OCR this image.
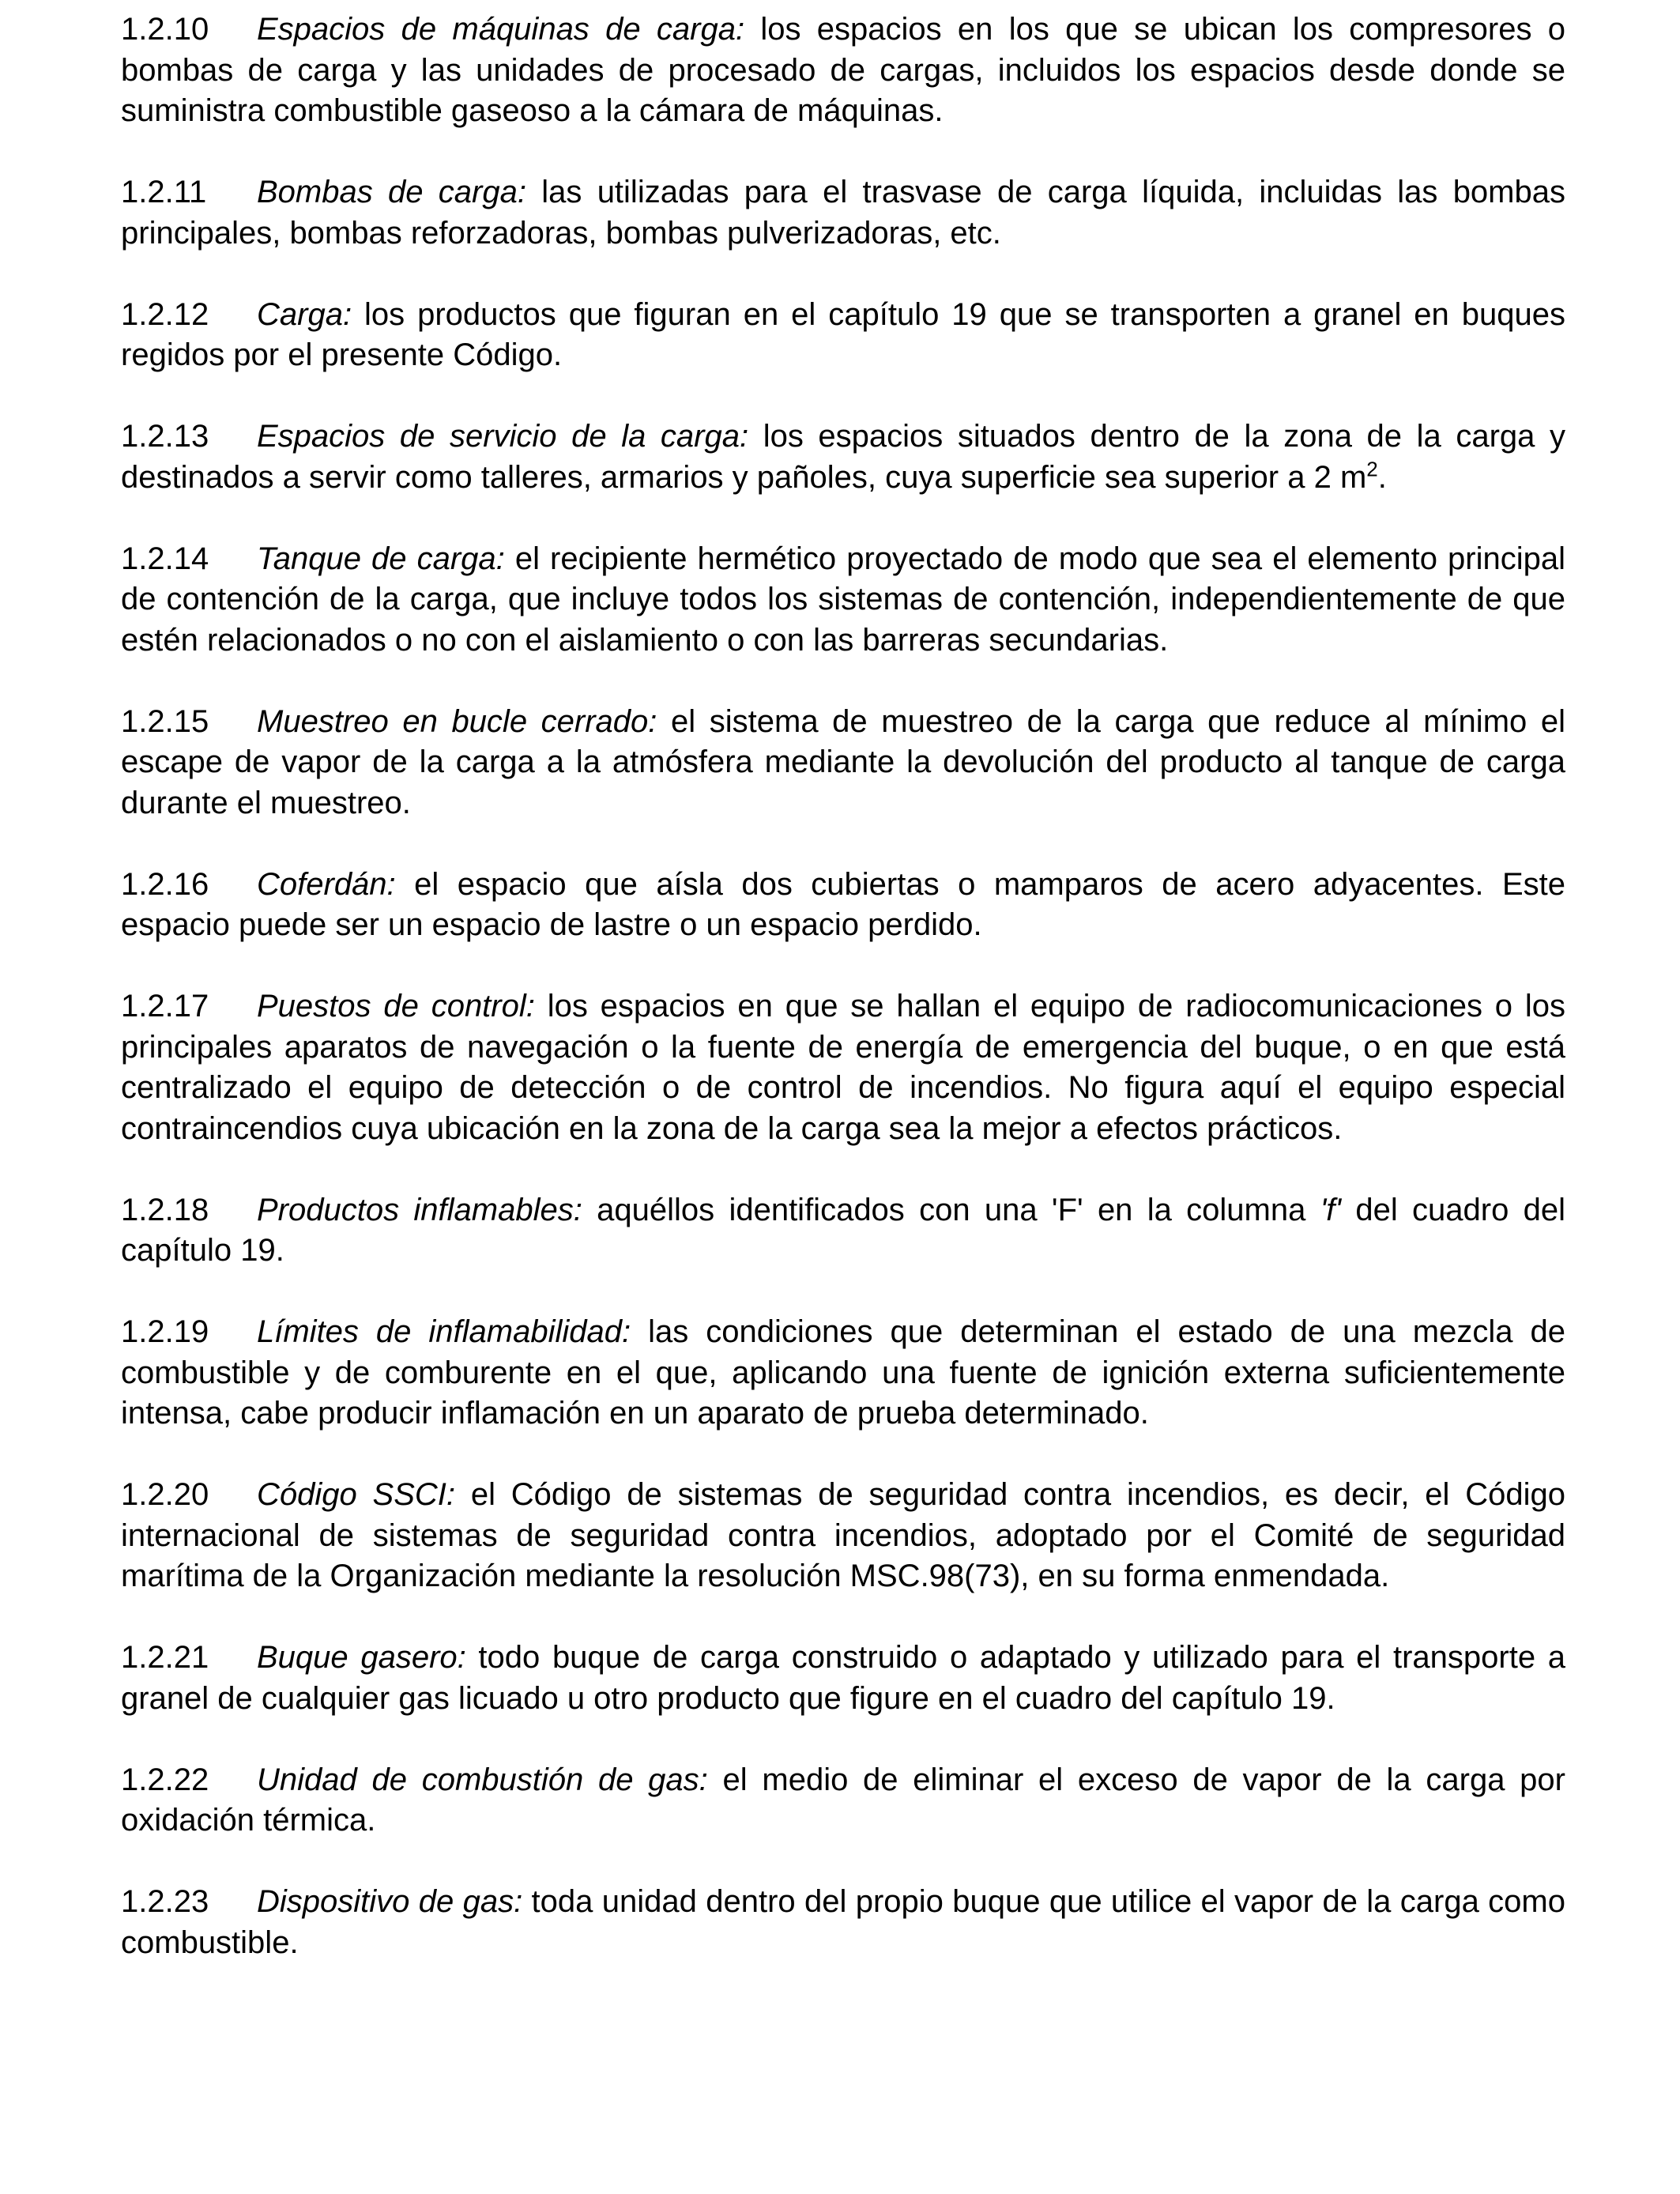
1.2.10 Espacios de máquinas de carga: los espacios en los que se ubican los compresores o bombas de carga y las unidades de procesado de cargas, incluidos los espacios desde donde se suministra combustible gaseoso a la cámara de máquinas.

1.2.11 Bombas de carga: las utilizadas para el trasvase de carga líquida, incluidas las bombas principales, bombas reforzadoras, bombas pulverizadoras, etc.

1.2.12 Carga: los productos que figuran en el capítulo 19 que se transporten a granel en buques regidos por el presente Código.

1.2.13 Espacios de servicio de la carga: los espacios situados dentro de la zona de la carga y destinados a servir como talleres, armarios y pañoles, cuya superficie sea superior a 2 $m^2$.

1.2.14 Tanque de carga: el recipiente hermético proyectado de modo que sea el elemento principal de contención de la carga, que incluye todos los sistemas de contención, independientemente de que estén relacionados o no con el aislamiento o con las barreras secundarias.

1.2.15 Muestreo en bucle cerrado: el sistema de muestreo de la carga que reduce al mínimo el escape de vapor de la carga a la atmósfera mediante la devolución del producto al tanque de carga durante el muestreo.

1.2.16 Coferdán: el espacio que aísla dos cubiertas o mamparos de acero adyacentes. Este espacio puede ser un espacio de lastre o un espacio perdido.

1.2.17 Puestos de control: los espacios en que se hallan el equipo de radiocomunicaciones o los principales aparatos de navegación o la fuente de energía de emergencia del buque, o en que está centralizado el equipo de detección o de control de incendios. No figura aquí el equipo especial contraincendios cuya ubicación en la zona de la carga sea la mejor a efectos prácticos.

1.2.18 Productos inflamables: aquéllos identificados con una 'F' en la columna 'f' del cuadro del capítulo 19.

1.2.19 Límites de inflamabilidad: las condiciones que determinan el estado de una mezcla de combustible y de comburente en el que, aplicando una fuente de ignición externa suficientemente intensa, cabe producir inflamación en un aparato de prueba determinado.

1.2.20 Código SSCI: el Código de sistemas de seguridad contra incendios, es decir, el Código internacional de sistemas de seguridad contra incendios, adoptado por el Comité de seguridad marítima de la Organización mediante la resolución MSC.98(73), en su forma enmendada.

1.2.21 Buque gasero: todo buque de carga construido o adaptado y utilizado para el transporte a granel de cualquier gas licuado u otro producto que figure en el cuadro del capítulo 19.

1.2.22 Unidad de combustión de gas: el medio de eliminar el exceso de vapor de la carga por oxidación térmica.

1.2.23 Dispositivo de gas: toda unidad dentro del propio buque que utilice el vapor de la carga como combustible.
